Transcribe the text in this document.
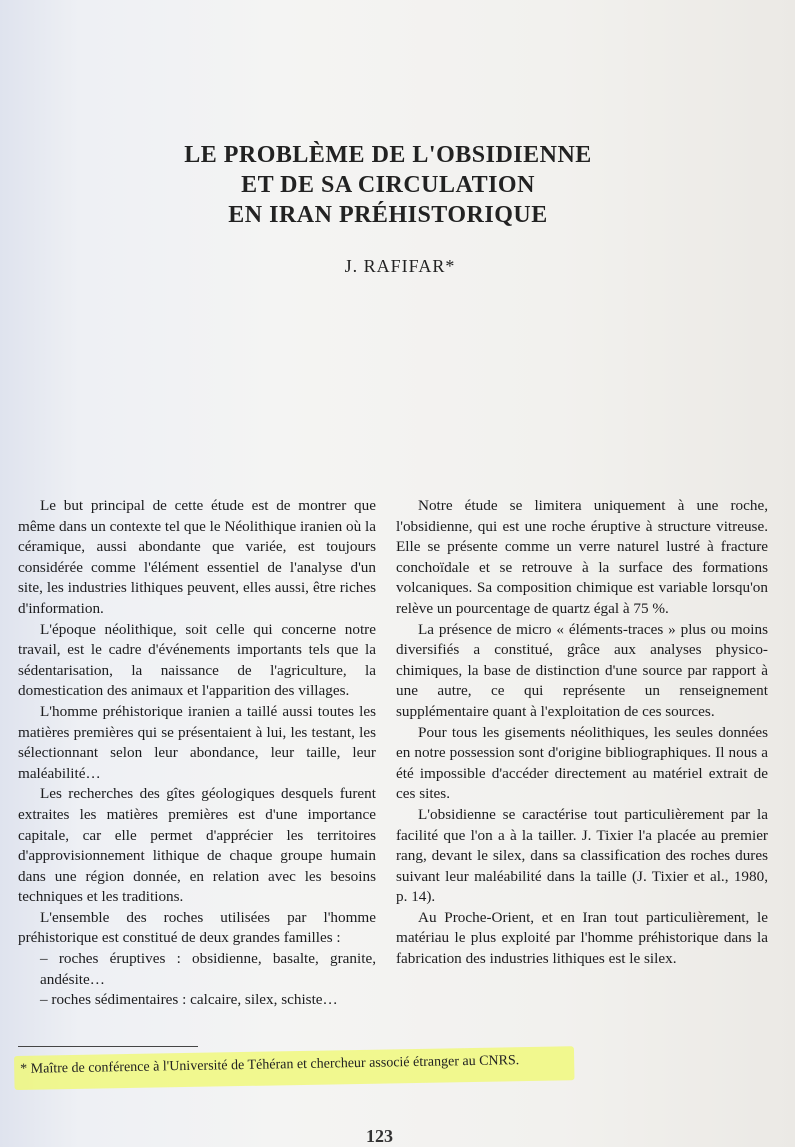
LE PROBLÈME DE L'OBSIDIENNE
ET DE SA CIRCULATION
EN IRAN PRÉHISTORIQUE
J. RAFIFAR*

Le but principal de cette étude est de montrer que même dans un contexte tel que le Néolithique iranien où la céramique, aussi abondante que variée, est toujours considérée comme l'élément essentiel de l'analyse d'un site, les industries lithiques peuvent, elles aussi, être riches d'information.

L'époque néolithique, soit celle qui concerne notre travail, est le cadre d'événements importants tels que la sédentarisation, la naissance de l'agriculture, la domestication des animaux et l'apparition des villages.

L'homme préhistorique iranien a taillé aussi toutes les matières premières qui se présentaient à lui, les testant, les sélectionnant selon leur abondance, leur taille, leur maléabilité…

Les recherches des gîtes géologiques desquels furent extraites les matières premières est d'une importance capitale, car elle permet d'apprécier les territoires d'approvisionnement lithique de chaque groupe humain dans une région donnée, en relation avec les besoins techniques et les traditions.

L'ensemble des roches utilisées par l'homme préhistorique est constitué de deux grandes familles :

– roches éruptives : obsidienne, basalte, granite, andésite…

– roches sédimentaires : calcaire, silex, schiste…

Notre étude se limitera uniquement à une roche, l'obsidienne, qui est une roche éruptive à structure vitreuse. Elle se présente comme un verre naturel lustré à fracture conchoïdale et se retrouve à la surface des formations volcaniques. Sa composition chimique est variable lorsqu'on relève un pourcentage de quartz égal à 75 %.

La présence de micro « éléments-traces » plus ou moins diversifiés a constitué, grâce aux analyses physico-chimiques, la base de distinction d'une source par rapport à une autre, ce qui représente un renseignement supplémentaire quant à l'exploitation de ces sources.

Pour tous les gisements néolithiques, les seules données en notre possession sont d'origine bibliographiques. Il nous a été impossible d'accéder directement au matériel extrait de ces sites.

L'obsidienne se caractérise tout particulièrement par la facilité que l'on a à la tailler. J. Tixier l'a placée au premier rang, devant le silex, dans sa classification des roches dures suivant leur maléabilité dans la taille (J. Tixier et al., 1980, p. 14).

Au Proche-Orient, et en Iran tout particulièrement, le matériau le plus exploité par l'homme préhistorique dans la fabrication des industries lithiques est le silex.

* Maître de conférence à l'Université de Téhéran et chercheur associé étranger au CNRS.
123
